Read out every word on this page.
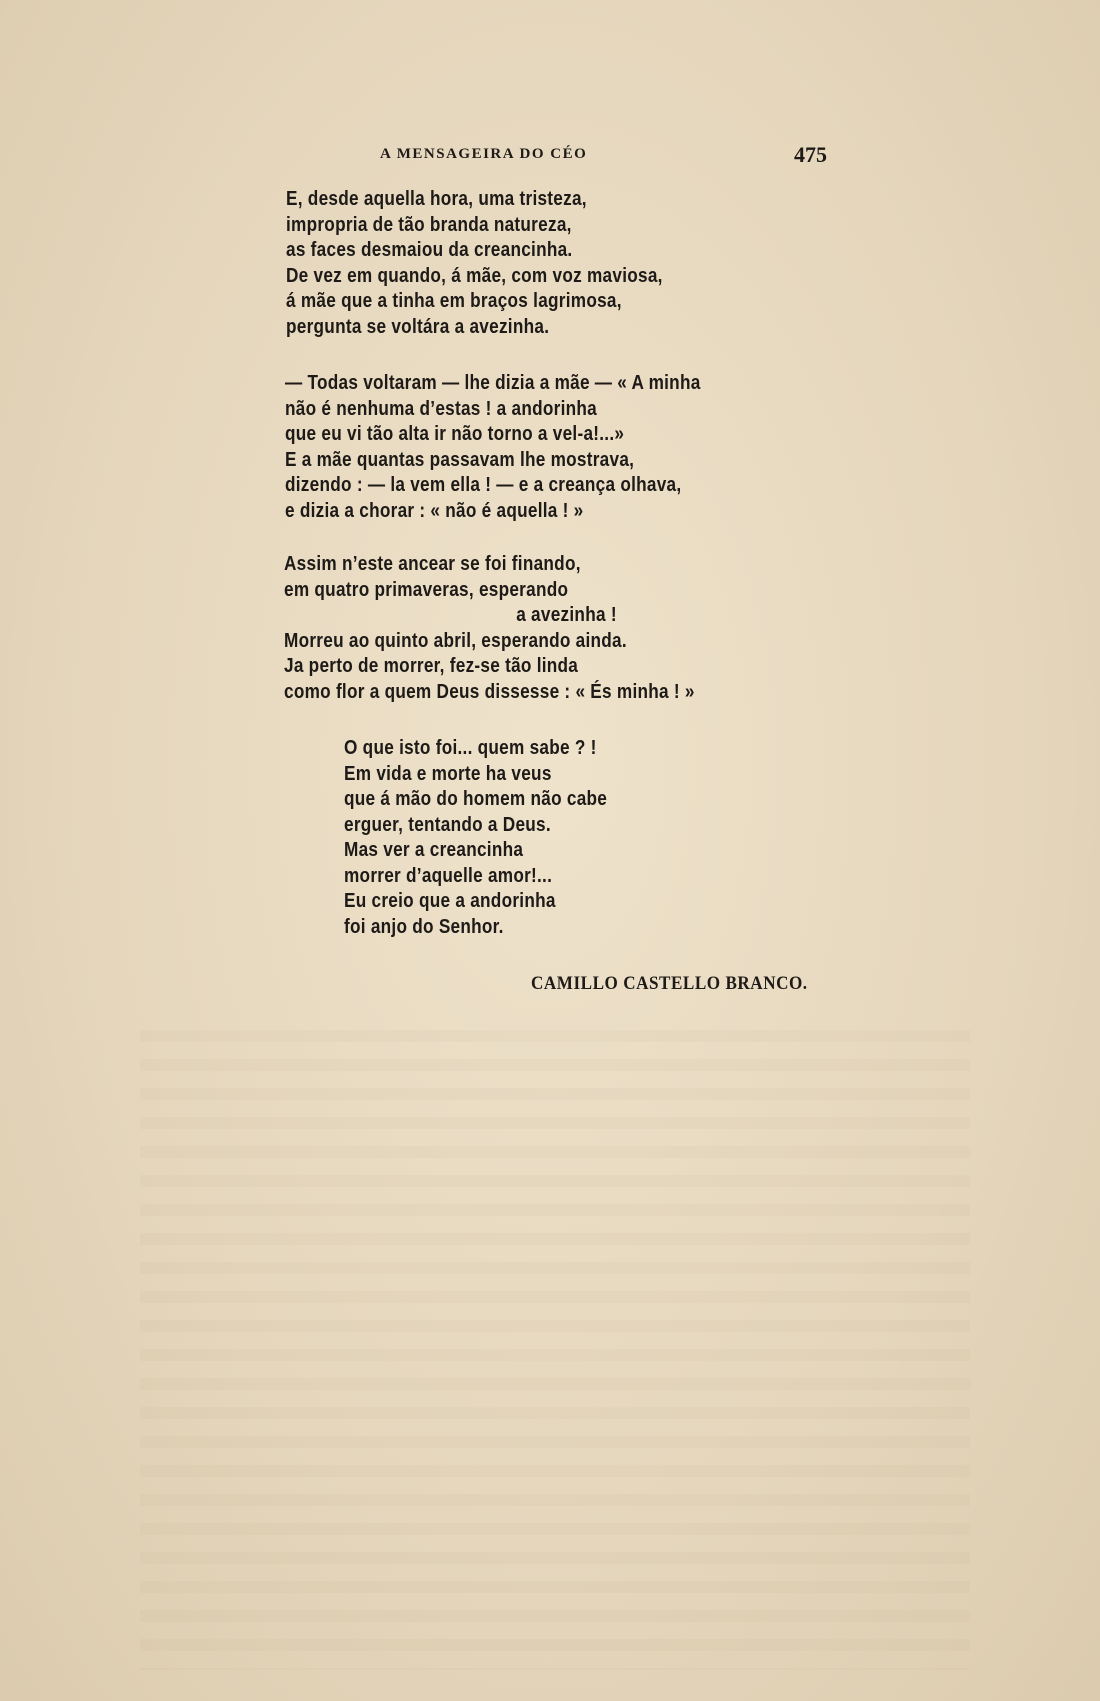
A MENSAGEIRA DO CÉO	475
E, desde aquella hora, uma tristeza,
impropria de tão branda natureza,
as faces desmaiou da creancinha.
De vez em quando, á mãe, com voz maviosa,
á mãe que a tinha em braços lagrimosa,
pergunta se voltára a avezinha.
— Todas voltaram — lhe dizia a mãe — « A minha
não é nenhuma d’estas ! a andorinha
que eu vi tão alta ir não torno a vel-a!...»
E a mãe quantas passavam lhe mostrava,
dizendo : — la vem ella ! — e a creança olhava,
e dizia a chorar : « não é aquella ! »
Assim n’este ancear se foi finando,
em quatro primaveras, esperando
a avezinha !
Morreu ao quinto abril, esperando ainda.
Ja perto de morrer, fez-se tão linda
como flor a quem Deus dissesse : « És minha ! »
O que isto foi... quem sabe ? !
Em vida e morte ha veus
que á mão do homem não cabe
erguer, tentando a Deus.
Mas ver a creancinha
morrer d’aquelle amor!...
Eu creio que a andorinha
foi anjo do Senhor.
CAMILLO CASTELLO BRANCO.
